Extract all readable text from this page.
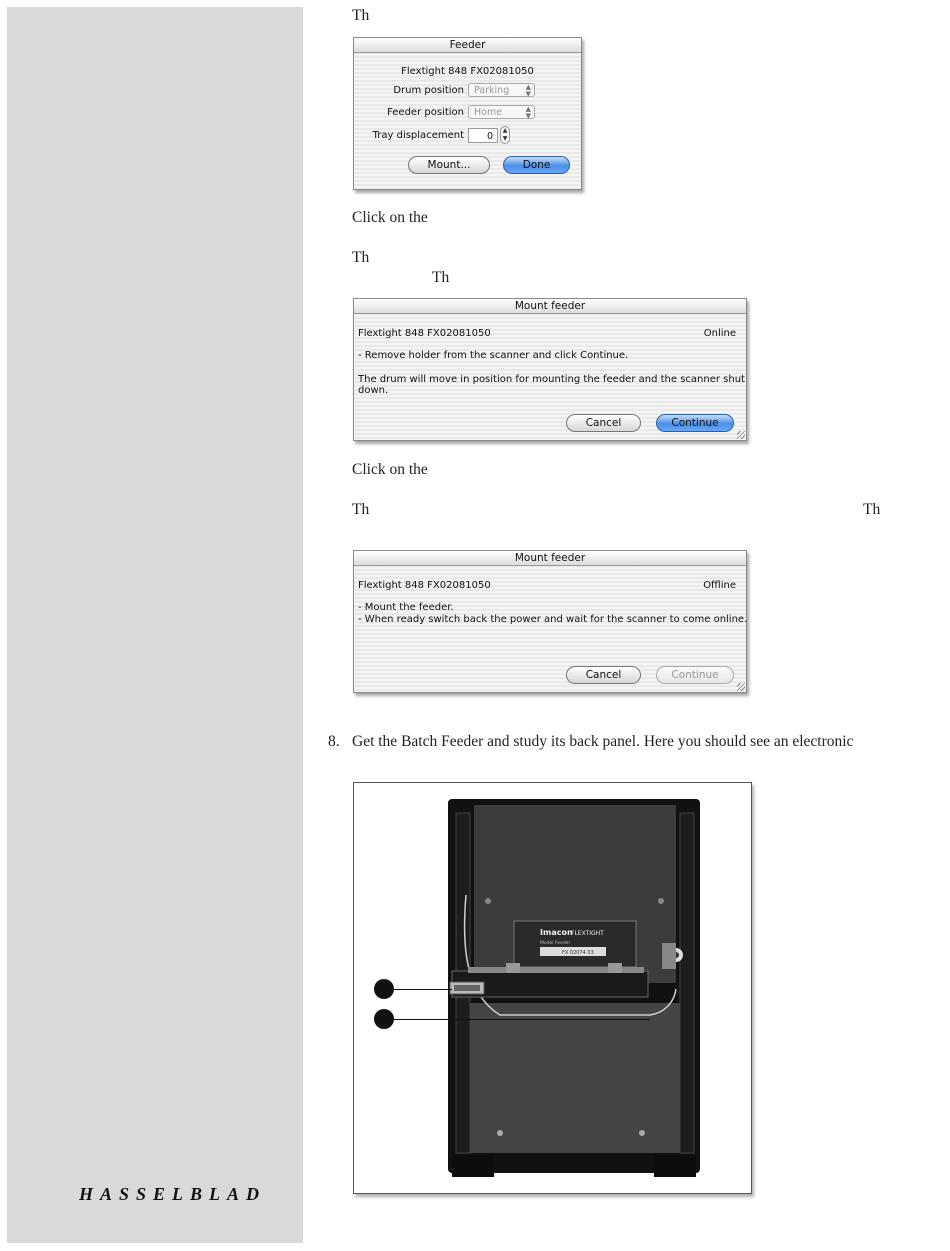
HASSELBLAD
Th
Feeder
Flextight 848 FX02081050
Drum position	Parking ▲
▼
Feeder position	Home	▲
▼
Tray displacement	0
▲
▼
Mount...	Done
Click on the
Th
Th
Mount feeder
Flextight 848 FX02081050	Online
- Remove holder from the scanner and click Continue.
The drum will move in position for mounting the feeder and the scanner shut
down.
Cancel	Continue
Click on the
Th	Th
Mount feeder
Flextight 848 FX02081050	Offline
- Mount the feeder.
- When ready switch back the power and wait for the scanner to come online.
Cancel	Continue
8. Get the Batch Feeder and study its back panel. Here you should see an electronic
Imacon
FLEXTIGHT
Model Feeder
FX 02074 03
